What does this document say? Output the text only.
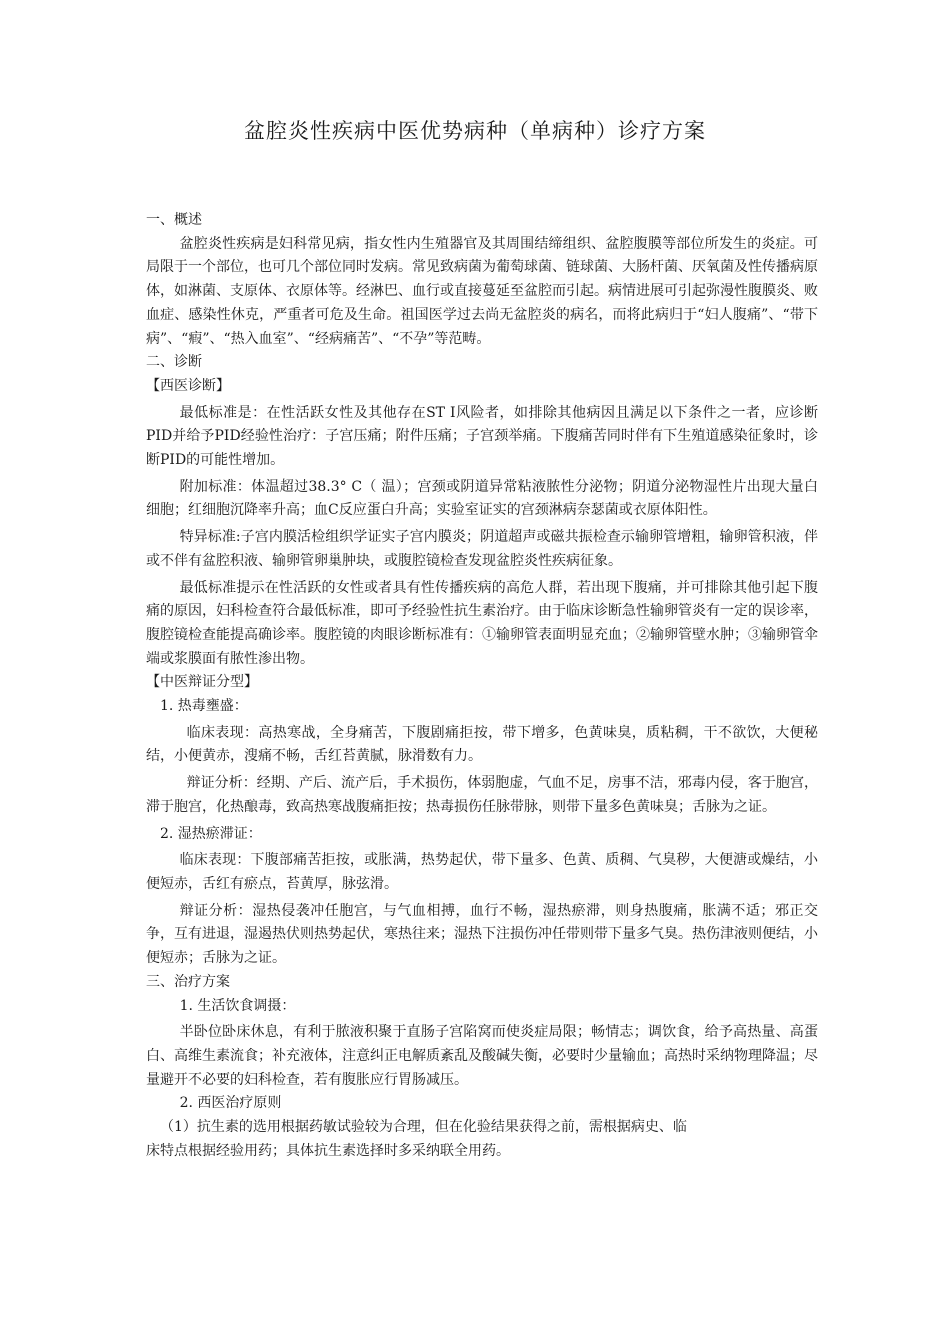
盆腔炎性疾病中医优势病种（单病种）诊疗方案

一、概述

盆腔炎性疾病是妇科常见病，指女性内生殖器官及其周围结缔组织、盆腔腹膜等部位所发生的炎症。可局限于一个部位，也可几个部位同时发病。常见致病菌为葡萄球菌、链球菌、大肠杆菌、厌氧菌及性传播病原体，如淋菌、支原体、衣原体等。经淋巴、血行或直接蔓延至盆腔而引起。病情进展可引起弥漫性腹膜炎、败血症、感染性休克，严重者可危及生命。祖国医学过去尚无盆腔炎的病名，而将此病归于“妇人腹痛”、“带下病”、“瘕”、“热入血室”、“经病痛苦”、“不孕”等范畴。

二、诊断

【西医诊断】

最低标准是：在性活跃女性及其他存在ST I风险者，如排除其他病因且满足以下条件之一者，应诊断PID并给予PID经验性治疗：子宫压痛；附件压痛；子宫颈举痛。下腹痛苦同时伴有下生殖道感染征象时，诊断PID的可能性增加。

附加标准：体温超过38.3° C（ 温）；宫颈或阴道异常粘液脓性分泌物；阴道分泌物湿性片出现大量白细胞；红细胞沉降率升高；血C反应蛋白升高；实验室证实的宫颈淋病奈瑟菌或衣原体阳性。

特异标准:子宫内膜活检组织学证实子宫内膜炎；阴道超声或磁共振检查示输卵管增粗，输卵管积液，伴或不伴有盆腔积液、输卵管卵巢肿块，或腹腔镜检查发现盆腔炎性疾病征象。

最低标准提示在性活跃的女性或者具有性传播疾病的高危人群，若出现下腹痛，并可排除其他引起下腹痛的原因，妇科检查符合最低标准，即可予经验性抗生素治疗。由于临床诊断急性输卵管炎有一定的误诊率，腹腔镜检查能提高确诊率。腹腔镜的肉眼诊断标准有：①输卵管表面明显充血；②输卵管壁水肿；③输卵管伞端或浆膜面有脓性渗出物。

【中医辩证分型】

1. 热毒壅盛：

临床表现：高热寒战，全身痛苦，下腹剧痛拒按，带下增多，色黄味臭，质粘稠，干不欲饮，大便秘结，小便黄赤，溲痛不畅，舌红苔黄腻，脉滑数有力。

辩证分析：经期、产后、流产后，手术损伤，体弱胞虚，气血不足，房事不洁，邪毒内侵，客于胞宫，滞于胞宫，化热酿毒，致高热寒战腹痛拒按；热毒损伤任脉带脉，则带下量多色黄味臭；舌脉为之证。

2. 湿热瘀滞证：

临床表现：下腹部痛苦拒按，或胀满，热势起伏，带下量多、色黄、质稠、气臭秽，大便溏或燥结，小便短赤，舌红有瘀点，苔黄厚，脉弦滑。

辩证分析：湿热侵袭冲任胞宫，与气血相搏，血行不畅，湿热瘀滞，则身热腹痛，胀满不适；邪正交争，互有进退，湿遏热伏则热势起伏，寒热往来；湿热下注损伤冲任带则带下量多气臭。热伤津液则便结，小便短赤；舌脉为之证。

三、治疗方案

1. 生活饮食调摄：

半卧位卧床休息，有利于脓液积聚于直肠子宫陷窝而使炎症局限；畅情志；调饮食，给予高热量、高蛋白、高维生素流食；补充液体，注意纠正电解质紊乱及酸碱失衡，必要时少量输血；高热时采纳物理降温；尽量避开不必要的妇科检查，若有腹胀应行胃肠减压。

2. 西医治疗原则

（1）抗生素的选用根据药敏试验较为合理，但在化验结果获得之前，需根据病史、临

床特点根据经验用药；具体抗生素选择时多采纳联全用药。
